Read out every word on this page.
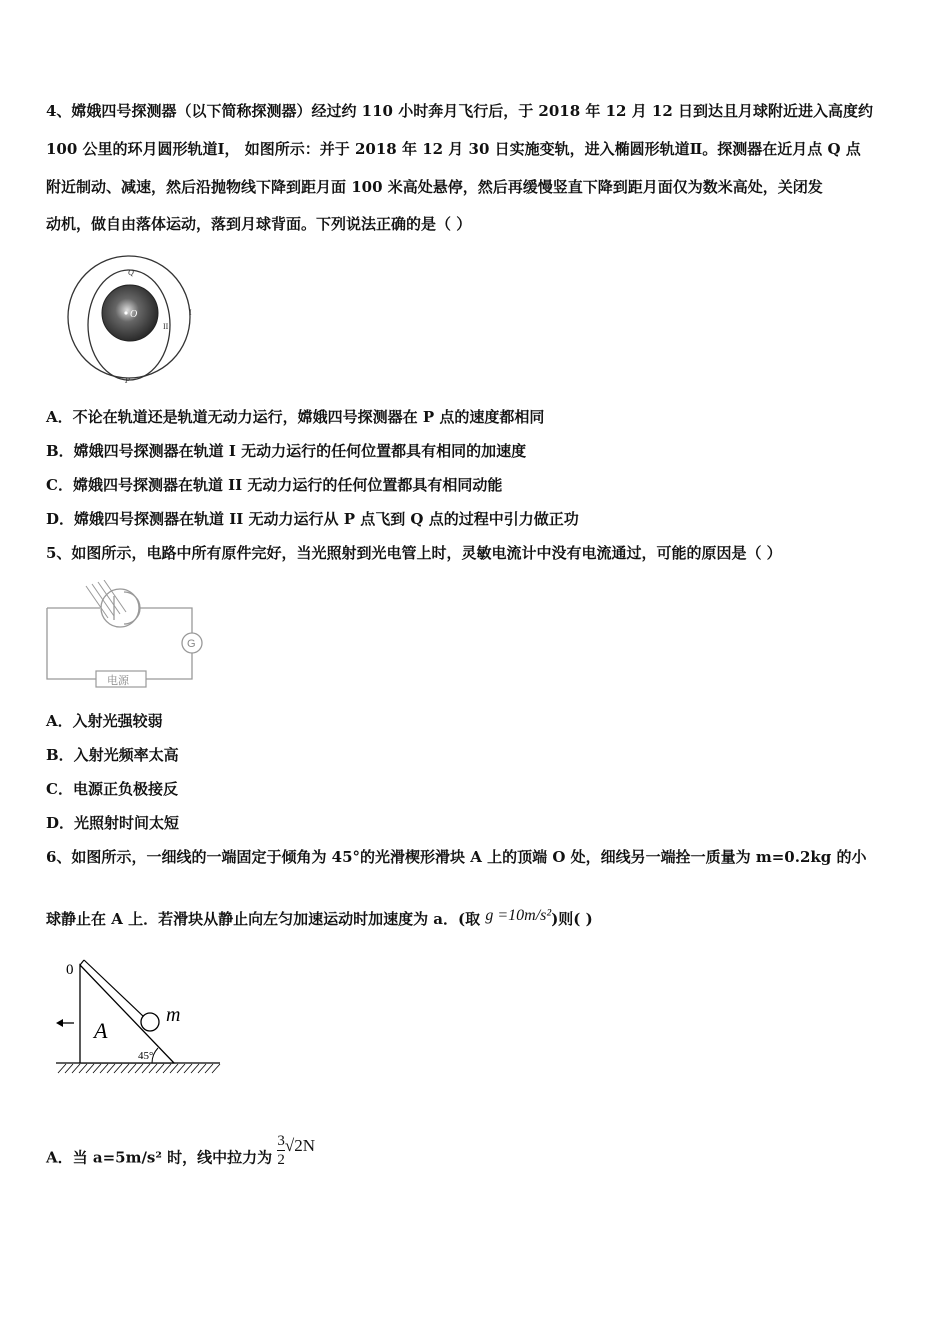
4、嫦娥四号探测器（以下简称探测器）经过约 110 小时奔月飞行后，于 2018 年 12 月 12 日到达且月球附近进入高度约
100 公里的环月圆形轨道Ⅰ， 如图所示：并于 2018 年 12 月 30 日实施变轨，进入椭圆形轨道Ⅱ。探测器在近月点 Q 点
附近制动、减速，然后沿抛物线下降到距月面 100 米高处悬停，然后再缓慢竖直下降到距月面仅为数米高处，关闭发
动机，做自由落体运动，落到月球背面。下列说法正确的是（ ）
O
Q
II
I
P
A．不论在轨道还是轨道无动力运行，嫦娥四号探测器在 P 点的速度都相同
B．嫦娥四号探测器在轨道 I 无动力运行的任何位置都具有相同的加速度
C．嫦娥四号探测器在轨道 II 无动力运行的任何位置都具有相同动能
D．嫦娥四号探测器在轨道 II 无动力运行从 P 点飞到 Q 点的过程中引力做正功
5、如图所示，电路中所有原件完好，当光照射到光电管上时，灵敏电流计中没有电流通过，可能的原因是（ ）
G
电源
A．入射光强较弱
B．入射光频率太高
C．电源正负极接反
D．光照射时间太短
6、如图所示，一细线的一端固定于倾角为 45°的光滑楔形滑块 A 上的顶端 O 处，细线另一端拴一质量为 m=0.2kg 的小
球静止在 A 上．若滑块从静止向左匀加速运动时加速度为 a．(取 g =10m/s²)则( )
0
m
A
45°
A．当 a=5m/s² 时，线中拉力为 $\frac{3}{2} √2N$
